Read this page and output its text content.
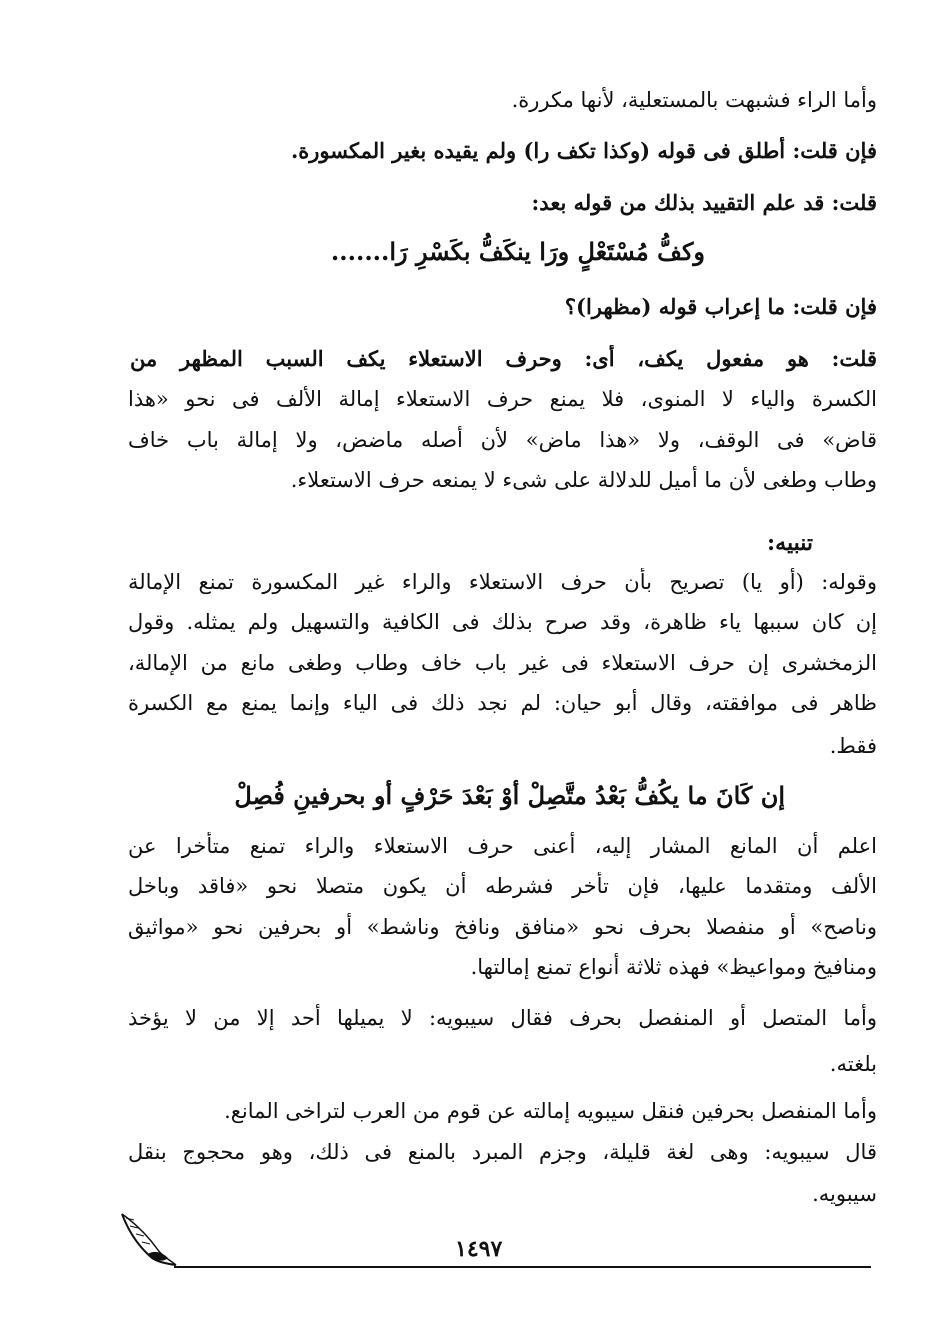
وأما الراء فشبهت بالمستعلية، لأنها مكررة.
فإن قلت: أطلق فى قوله (وكذا تكف را) ولم يقيده بغير المكسورة.
قلت: قد علم التقييد بذلك من قوله بعد:
وكفُّ مُسْتَعْلٍ ورَا ينكَفُّ بكَسْرِ رَا.......
فإن قلت: ما إعراب قوله (مظهرا)؟
قلت: هو مفعول يكف، أى: وحرف الاستعلاء يكف السبب المظهر من
الكسرة والياء لا المنوى، فلا يمنع حرف الاستعلاء إمالة الألف فى نحو «هذا
قاض» فى الوقف، ولا «هذا ماض» لأن أصله ماضض، ولا إمالة باب خاف
وطاب وطغى لأن ما أميل للدلالة على شىء لا يمنعه حرف الاستعلاء.
تنبيه:
وقوله: (أو يا) تصريح بأن حرف الاستعلاء والراء غير المكسورة تمنع الإمالة
إن كان سببها ياء ظاهرة، وقد صرح بذلك فى الكافية والتسهيل ولم يمثله. وقول
الزمخشرى إن حرف الاستعلاء فى غير باب خاف وطاب وطغى مانع من الإمالة،
ظاهر فى موافقته، وقال أبو حيان: لم نجد ذلك فى الياء وإنما يمنع مع الكسرة
فقط.
إن كَانَ ما يكُفُّ بَعْدُ متَّصِلْ أوْ بَعْدَ حَرْفٍ أو بحرفينِ فُصِلْ
اعلم أن المانع المشار إليه، أعنى حرف الاستعلاء والراء تمنع متأخرا عن
الألف ومتقدما عليها، فإن تأخر فشرطه أن يكون متصلا نحو «فاقد وباخل
وناصح» أو منفصلا بحرف نحو «منافق ونافخ وناشط» أو بحرفين نحو «مواثيق
ومنافيخ ومواعيظ» فهذه ثلاثة أنواع تمنع إمالتها.
وأما المتصل أو المنفصل بحرف فقال سيبويه: لا يميلها أحد إلا من لا يؤخذ
بلغته.
وأما المنفصل بحرفين فنقل سيبويه إمالته عن قوم من العرب لتراخى المانع.
قال سيبويه: وهى لغة قليلة، وجزم المبرد بالمنع فى ذلك، وهو محجوج بنقل
سيبويه.
١٤٩٧
